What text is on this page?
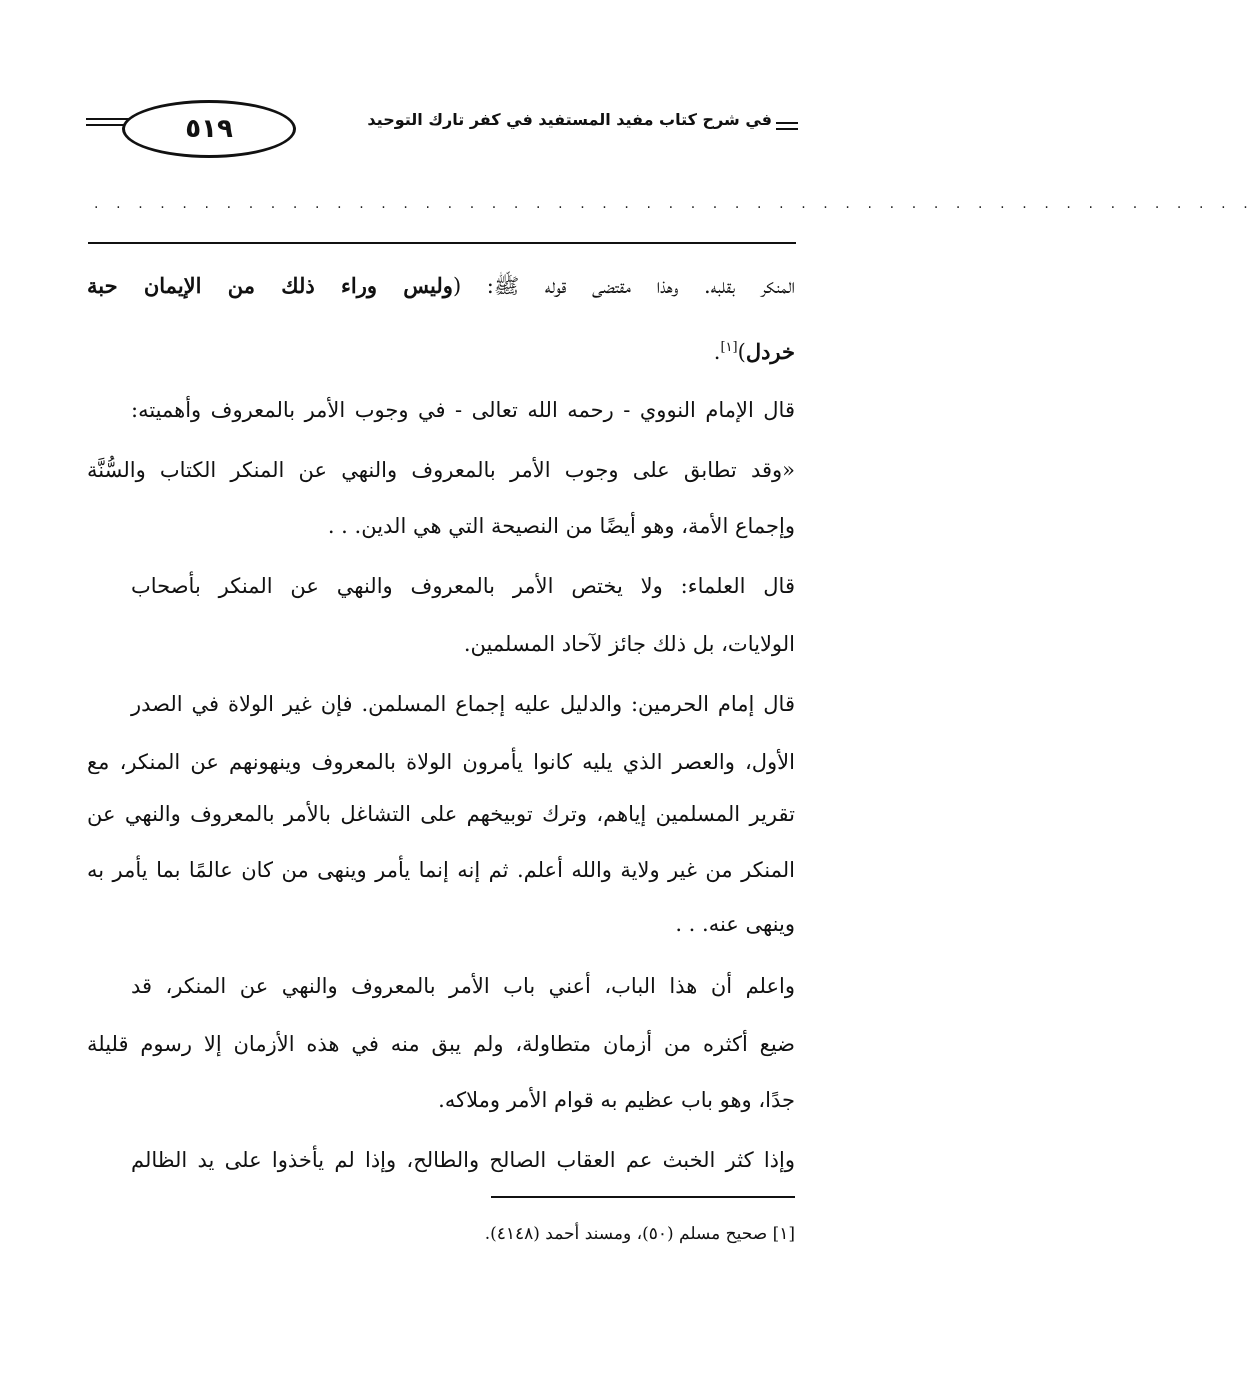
٥١٩	في شرح كتاب مفيد المستفيد في كفر تارك التوحيد
. . . . . . . . . . . . . . . . . . . . . . . . . . . . . . . . . . . . . . . . . . . . . . . . . . . . .
المنكر بقلبه. وهذا مقتضى قوله ﷺ: (وليس وراء ذلك من الإيمان حبة
خردل)[١].
قال الإمام النووي - رحمه الله تعالى - في وجوب الأمر بالمعروف وأهميته:
«وقد تطابق على وجوب الأمر بالمعروف والنهي عن المنكر الكتاب والسُّنَّة
وإجماع الأمة، وهو أيضًا من النصيحة التي هي الدين. . .
قال العلماء: ولا يختص الأمر بالمعروف والنهي عن المنكر بأصحاب
الولايات، بل ذلك جائز لآحاد المسلمين.
قال إمام الحرمين: والدليل عليه إجماع المسلمن. فإن غير الولاة في الصدر
الأول، والعصر الذي يليه كانوا يأمرون الولاة بالمعروف وينهونهم عن المنكر، مع
تقرير المسلمين إياهم، وترك توبيخهم على التشاغل بالأمر بالمعروف والنهي عن
المنكر من غير ولاية والله أعلم. ثم إنه إنما يأمر وينهى من كان عالمًا بما يأمر به
وينهى عنه. . .
واعلم أن هذا الباب، أعني باب الأمر بالمعروف والنهي عن المنكر، قد
ضيع أكثره من أزمان متطاولة، ولم يبق منه في هذه الأزمان إلا رسوم قليلة
جدًا، وهو باب عظيم به قوام الأمر وملاكه.
وإذا كثر الخبث عم العقاب الصالح والطالح، وإذا لم يأخذوا على يد الظالم
[١] صحيح مسلم (٥٠)، ومسند أحمد (٤١٤٨).
